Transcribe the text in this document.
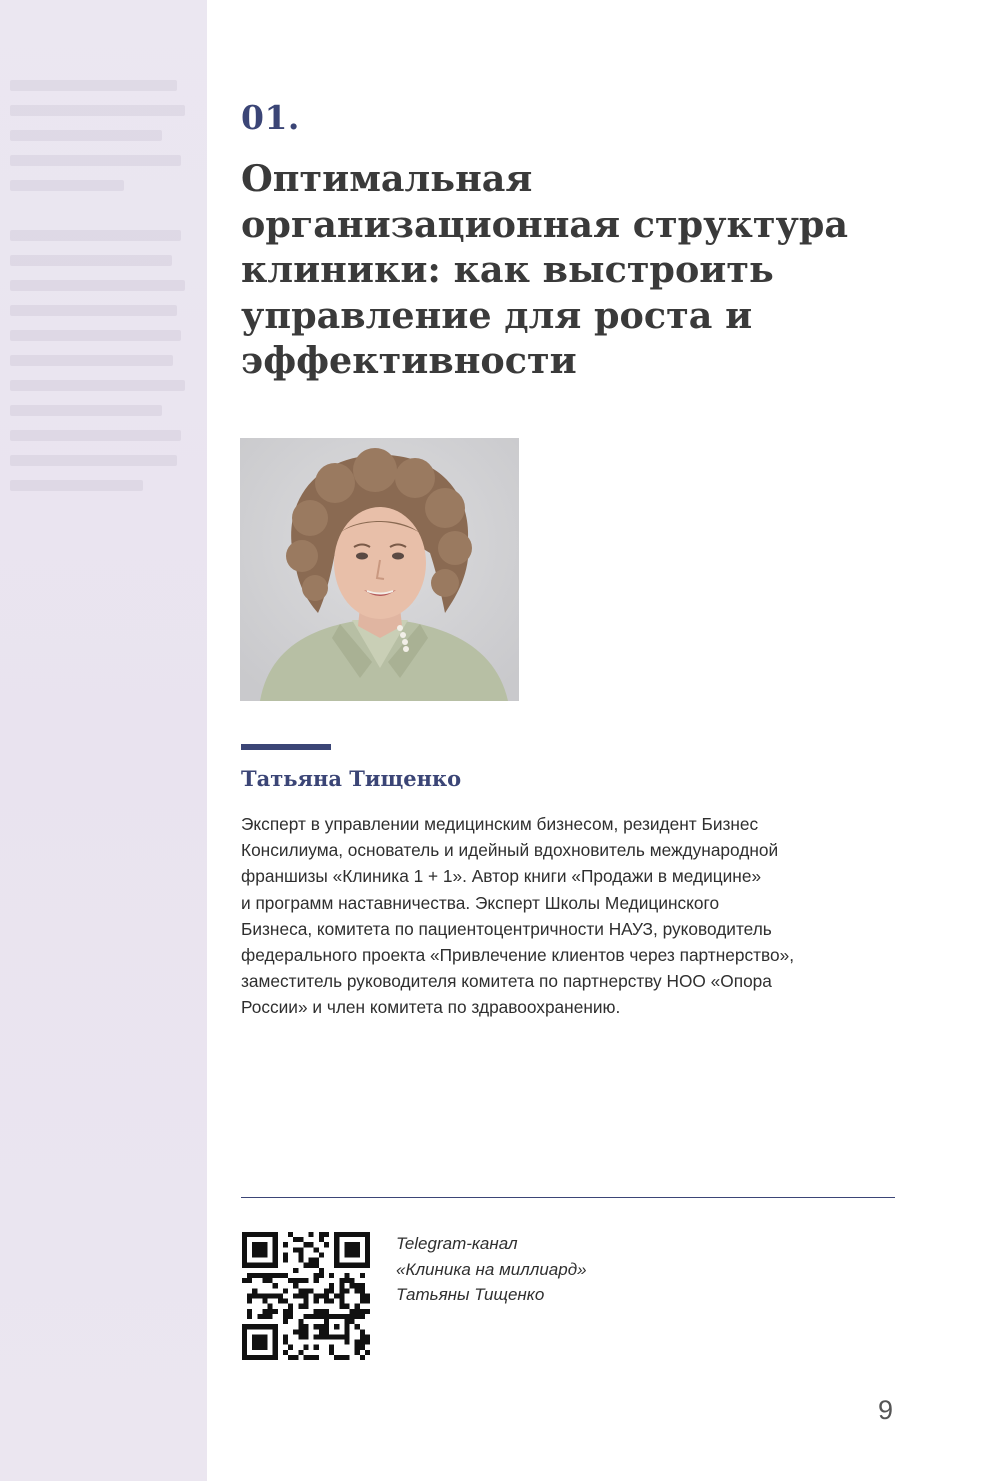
01.
Оптимальная организационная структура клиники: как выстроить управление для роста и эффективности
Татьяна Тищенко

Эксперт в управлении медицинским бизнесом, резидент Бизнес
Консилиума, основатель и идейный вдохновитель международной
франшизы «Клиника 1 + 1». Автор книги «Продажи в медицине»
и программ наставничества. Эксперт Школы Медицинского
Бизнеса, комитета по пациентоцентричности НАУЗ, руководитель
федерального проекта «Привлечение клиентов через партнерство»,
заместитель руководителя комитета по партнерству НОО «Опора
России» и член комитета по здравоохранению.

Telegram-канал
«Клиника на миллиард»
Татьяны Тищенко
9
